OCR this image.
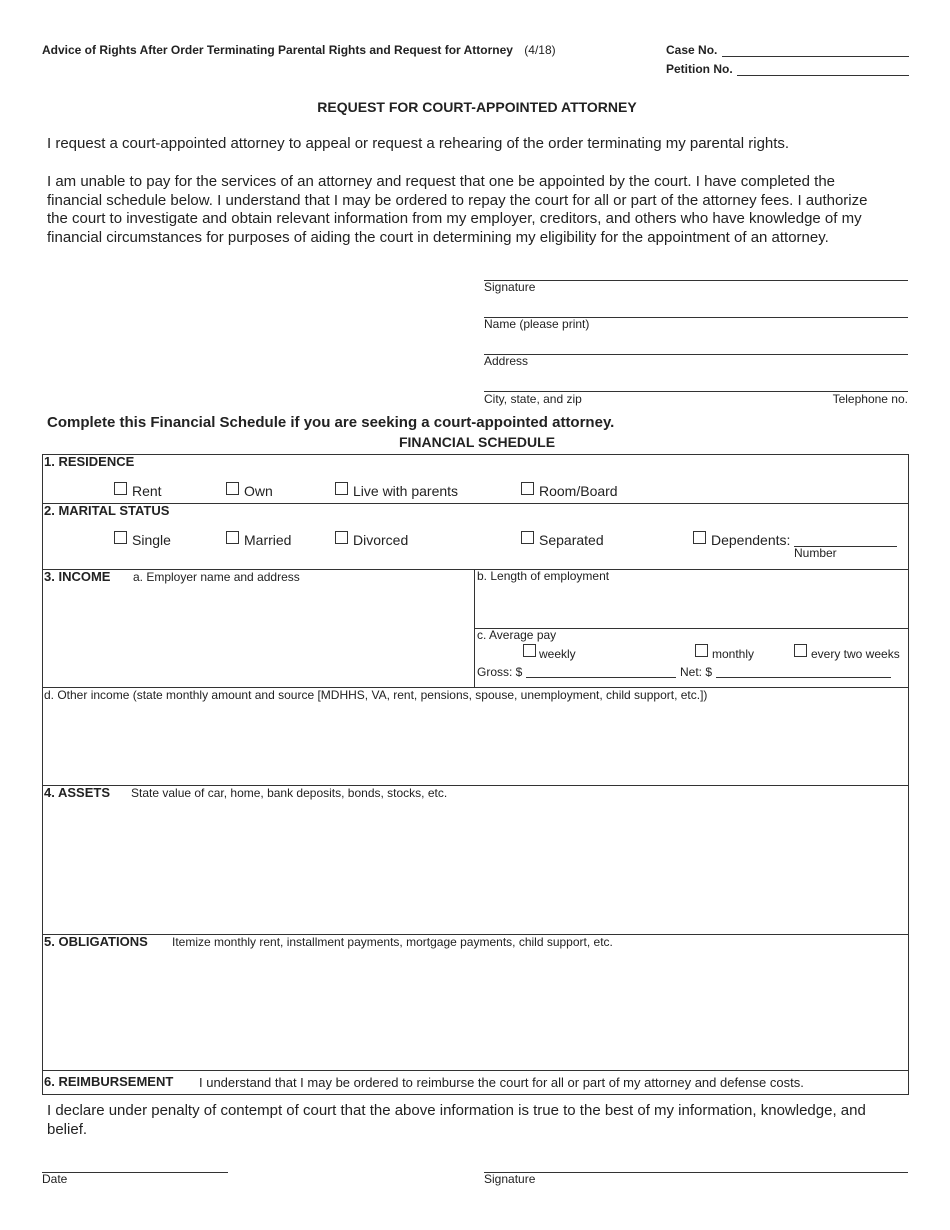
Advice of Rights After Order Terminating Parental Rights and Request for Attorney (4/18)	Case No.
Petition No.
REQUEST FOR COURT-APPOINTED ATTORNEY
I request a court-appointed attorney to appeal or request a rehearing of the order terminating my parental rights.
I am unable to pay for the services of an attorney and request that one be appointed by the court. I have completed the
financial schedule below. I understand that I may be ordered to repay the court for all or part of the attorney fees. I authorize
the court to investigate and obtain relevant information from my employer, creditors, and others who have knowledge of my
financial circumstances for purposes of aiding the court in determining my eligibility for the appointment of an attorney.
Signature
Name (please print)
Address
City, state, and zip	Telephone no.
Complete this Financial Schedule if you are seeking a court-appointed attorney.
FINANCIAL SCHEDULE
1. RESIDENCE
Rent	Own	Live with parents	Room/Board
2. MARITAL STATUS
Single	Married	Divorced	Separated	Dependents:
Number
3. INCOME a. Employer name and address	b. Length of employment
c. Average pay
weekly	monthly	every two weeks
Gross: $	Net: $
d. Other income (state monthly amount and source [MDHHS, VA, rent, pensions, spouse, unemployment, child support, etc.])
4. ASSETS State value of car, home, bank deposits, bonds, stocks, etc.
5. OBLIGATIONS Itemize monthly rent, installment payments, mortgage payments, child support, etc.
6. REIMBURSEMENT I understand that I may be ordered to reimburse the court for all or part of my attorney and defense costs.
I declare under penalty of contempt of court that the above information is true to the best of my information, knowledge, and
belief.
Date	Signature
